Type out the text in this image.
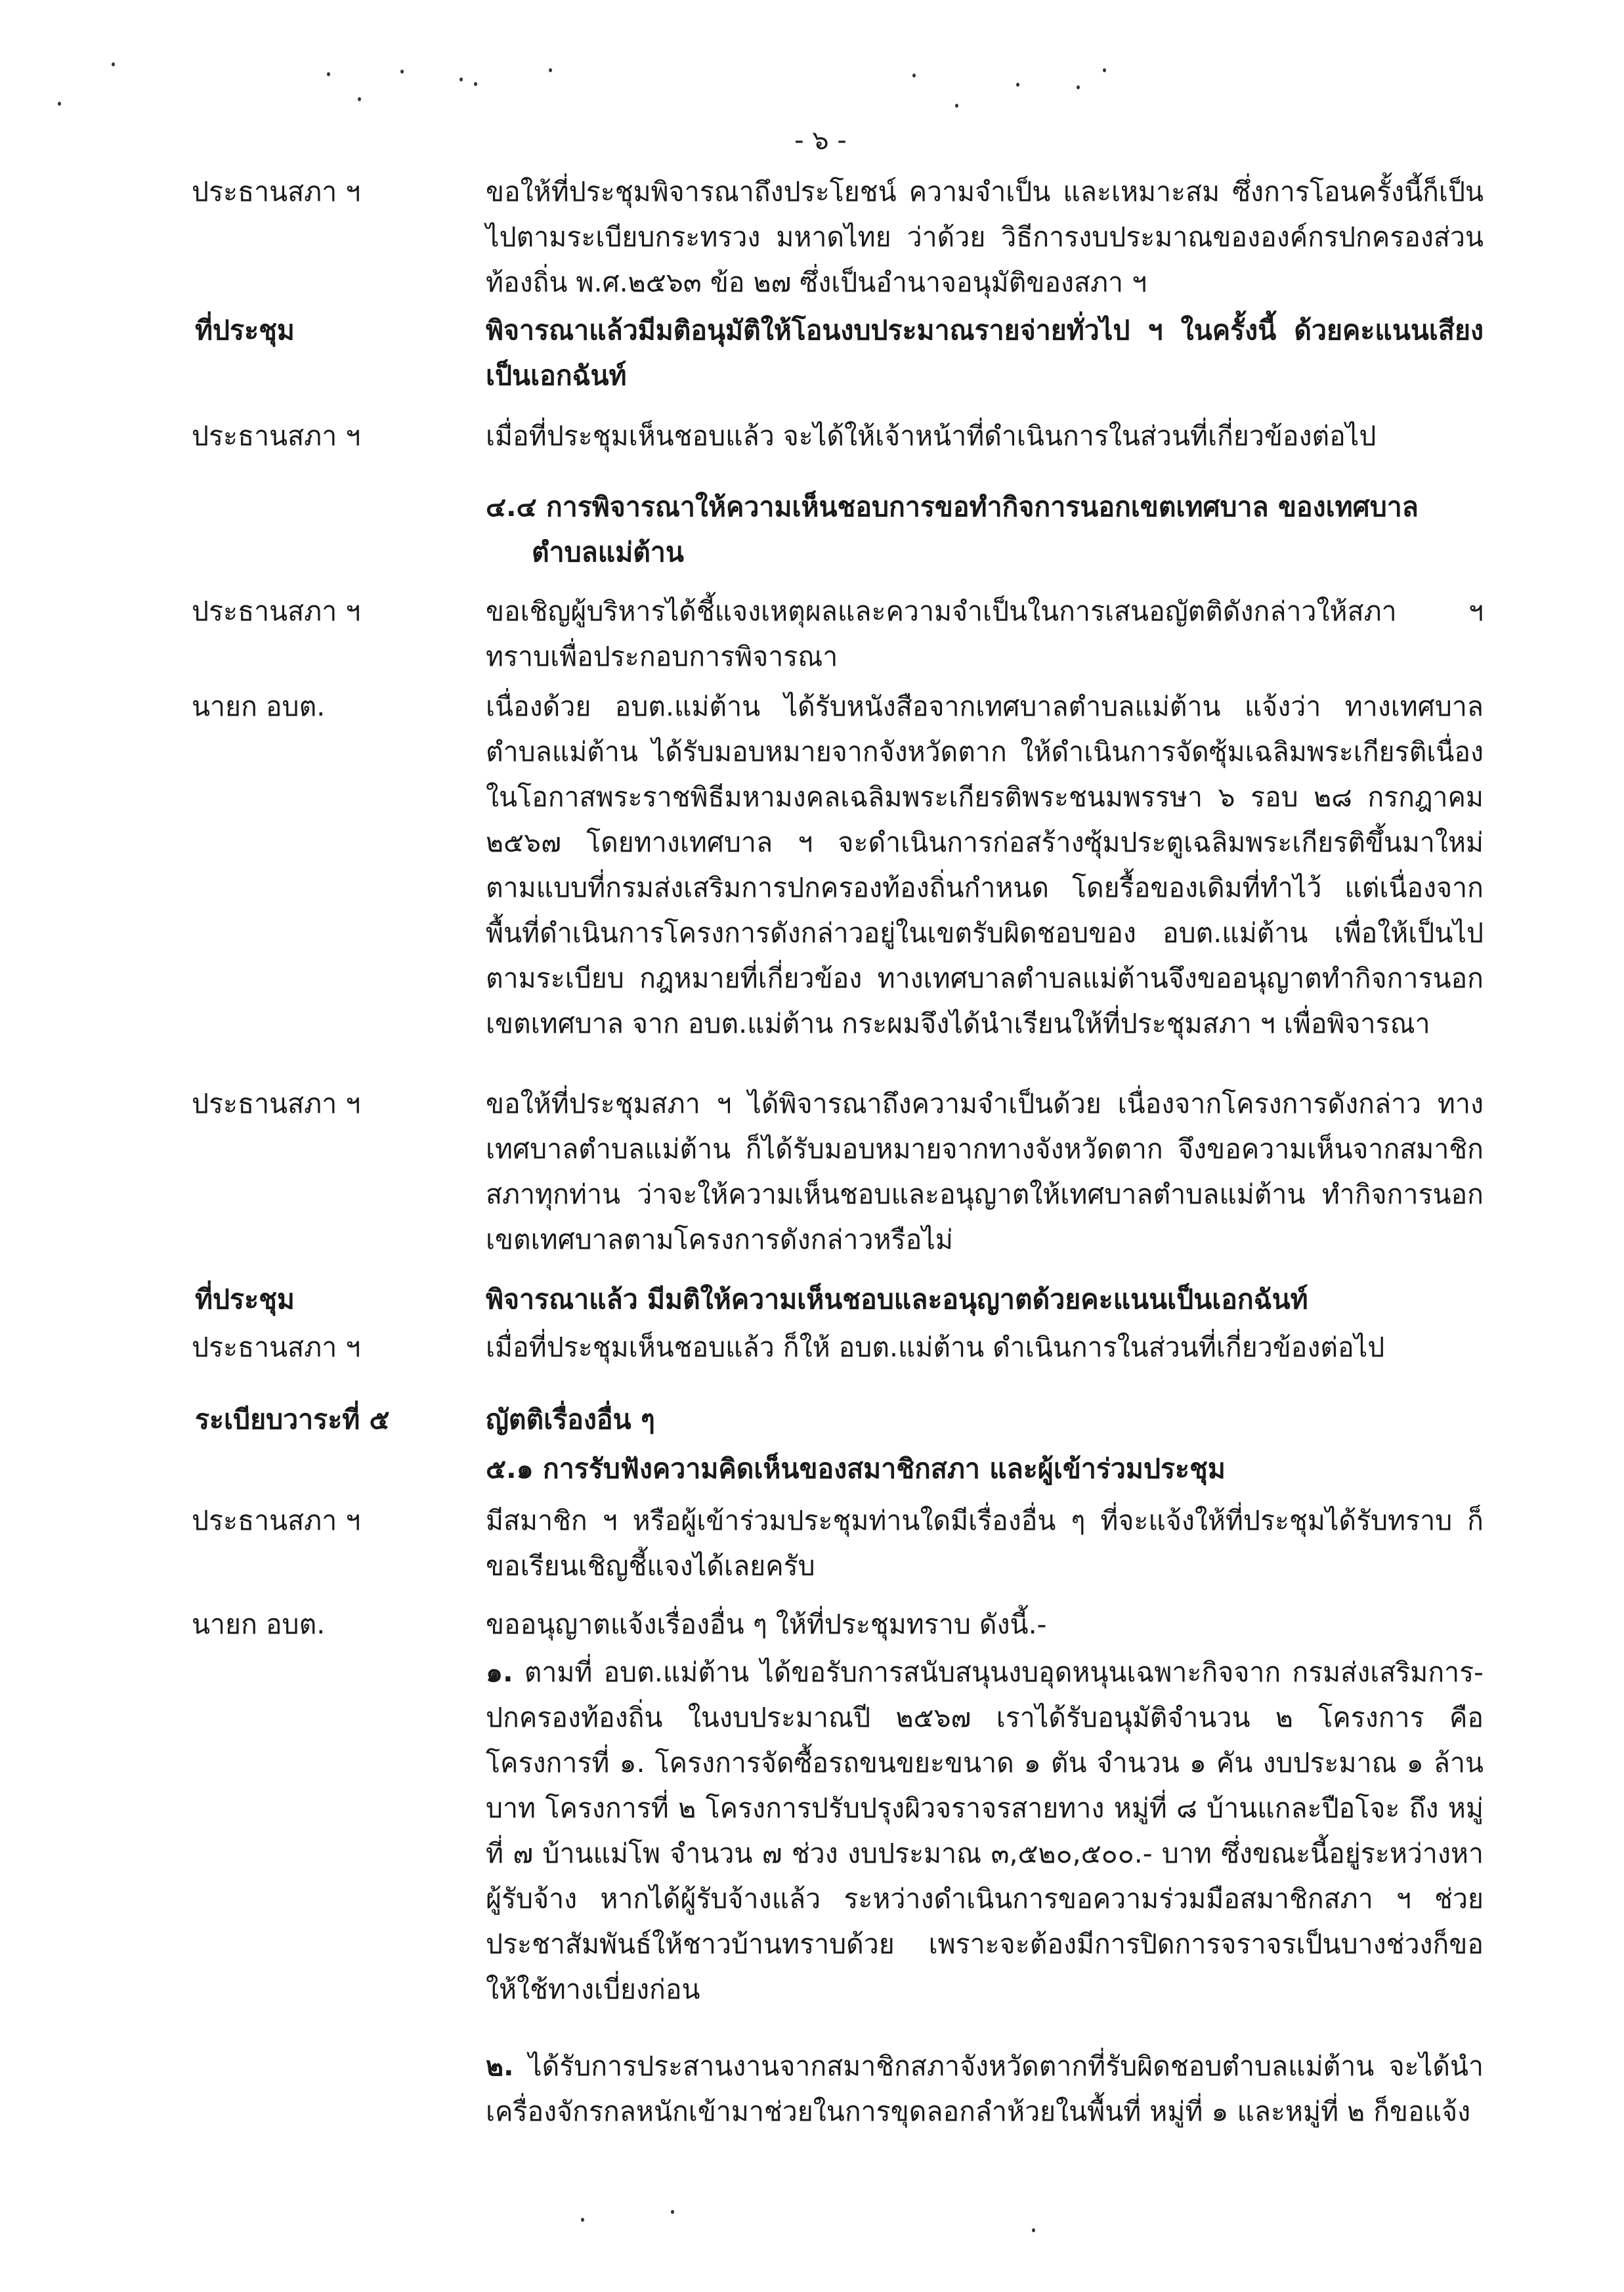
- ๖ -
ประธานสภา ฯ	ขอให้ที่ประชุมพิจารณาถึงประโยชน์ ความจำเป็น และเหมาะสม ซึ่งการโอนครั้งนี้ก็เป็นไปตามระเบียบกระทรวง มหาดไทย ว่าด้วย วิธีการงบประมาณขององค์กรปกครองส่วนท้องถิ่น พ.ศ.๒๕๖๓ ข้อ ๒๗ ซึ่งเป็นอำนาจอนุมัติของสภา ฯ
ที่ประชุม	พิจารณาแล้วมีมติอนุมัติให้โอนงบประมาณรายจ่ายทั่วไป ฯ ในครั้งนี้ ด้วยคะแนนเสียง เป็นเอกฉันท์
ประธานสภา ฯ	เมื่อที่ประชุมเห็นชอบแล้ว จะได้ให้เจ้าหน้าที่ดำเนินการในส่วนที่เกี่ยวข้องต่อไป
๔.๔ การพิจารณาให้ความเห็นชอบการขอทำกิจการนอกเขตเทศบาล ของเทศบาล
ตำบลแม่ต้าน
ประธานสภา ฯ	ขอเชิญผู้บริหารได้ชี้แจงเหตุผลและความจำเป็นในการเสนอญัตติดังกล่าวให้สภา ฯ ทราบเพื่อประกอบการพิจารณา
นายก อบต.	เนื่องด้วย อบต.แม่ต้าน ได้รับหนังสือจากเทศบาลตำบลแม่ต้าน แจ้งว่า ทางเทศบาลตำบลแม่ต้าน ได้รับมอบหมายจากจังหวัดตาก ให้ดำเนินการจัดซุ้มเฉลิมพระเกียรติเนื่องในโอกาสพระราชพิธีมหามงคลเฉลิมพระเกียรติพระชนมพรรษา ๖ รอบ ๒๘ กรกฎาคม ๒๕๖๗ โดยทางเทศบาล ฯ จะดำเนินการก่อสร้างซุ้มประตูเฉลิมพระเกียรติขึ้นมาใหม่ตามแบบที่กรมส่งเสริมการปกครองท้องถิ่นกำหนด โดยรื้อของเดิมที่ทำไว้ แต่เนื่องจากพื้นที่ดำเนินการโครงการดังกล่าวอยู่ในเขตรับผิดชอบของ อบต.แม่ต้าน เพื่อให้เป็นไปตามระเบียบ กฎหมายที่เกี่ยวข้อง ทางเทศบาลตำบลแม่ต้านจึงขออนุญาตทำกิจการนอกเขตเทศบาล จาก อบต.แม่ต้าน กระผมจึงได้นำเรียนให้ที่ประชุมสภา ฯ เพื่อพิจารณา
ประธานสภา ฯ	ขอให้ที่ประชุมสภา ฯ ได้พิจารณาถึงความจำเป็นด้วย เนื่องจากโครงการดังกล่าว ทางเทศบาลตำบลแม่ต้าน ก็ได้รับมอบหมายจากทางจังหวัดตาก จึงขอความเห็นจากสมาชิกสภาทุกท่าน ว่าจะให้ความเห็นชอบและอนุญาตให้เทศบาลตำบลแม่ต้าน ทำกิจการนอกเขตเทศบาลตามโครงการดังกล่าวหรือไม่
ที่ประชุม	พิจารณาแล้ว มีมติให้ความเห็นชอบและอนุญาตด้วยคะแนนเป็นเอกฉันท์
ประธานสภา ฯ	เมื่อที่ประชุมเห็นชอบแล้ว ก็ให้ อบต.แม่ต้าน ดำเนินการในส่วนที่เกี่ยวข้องต่อไป
ระเบียบวาระที่ ๕	ญัตติเรื่องอื่น ๆ
๕.๑ การรับฟังความคิดเห็นของสมาชิกสภา และผู้เข้าร่วมประชุม
ประธานสภา ฯ	มีสมาชิก ฯ หรือผู้เข้าร่วมประชุมท่านใดมีเรื่องอื่น ๆ ที่จะแจ้งให้ที่ประชุมได้รับทราบ ก็ขอเรียนเชิญชี้แจงได้เลยครับ
นายก อบต.	ขออนุญาตแจ้งเรื่องอื่น ๆ ให้ที่ประชุมทราบ ดังนี้.-
๑. ตามที่ อบต.แม่ต้าน ได้ขอรับการสนับสนุนงบอุดหนุนเฉพาะกิจจาก กรมส่งเสริมการ-ปกครองท้องถิ่น ในงบประมาณปี ๒๕๖๗ เราได้รับอนุมัติจำนวน ๒ โครงการ คือ โครงการที่ ๑. โครงการจัดซื้อรถขนขยะขนาด ๑ ตัน จำนวน ๑ คัน งบประมาณ ๑ ล้านบาท โครงการที่ ๒ โครงการปรับปรุงผิวจราจรสายทาง หมู่ที่ ๘ บ้านแกละปือโจะ ถึง หมู่ที่ ๗ บ้านแม่โพ จำนวน ๗ ช่วง งบประมาณ ๓,๕๒๐,๕๐๐.- บาท ซึ่งขณะนี้อยู่ระหว่างหาผู้รับจ้าง หากได้ผู้รับจ้างแล้ว ระหว่างดำเนินการขอความร่วมมือสมาชิกสภา ฯ ช่วยประชาสัมพันธ์ให้ชาวบ้านทราบด้วย เพราะจะต้องมีการปิดการจราจรเป็นบางช่วงก็ขอให้ใช้ทางเบี่ยงก่อน
๒. ได้รับการประสานงานจากสมาชิกสภาจังหวัดตากที่รับผิดชอบตำบลแม่ต้าน จะได้นำเครื่องจักรกลหนักเข้ามาช่วยในการขุดลอกลำห้วยในพื้นที่ หมู่ที่ ๑ และหมู่ที่ ๒ ก็ขอแจ้ง
